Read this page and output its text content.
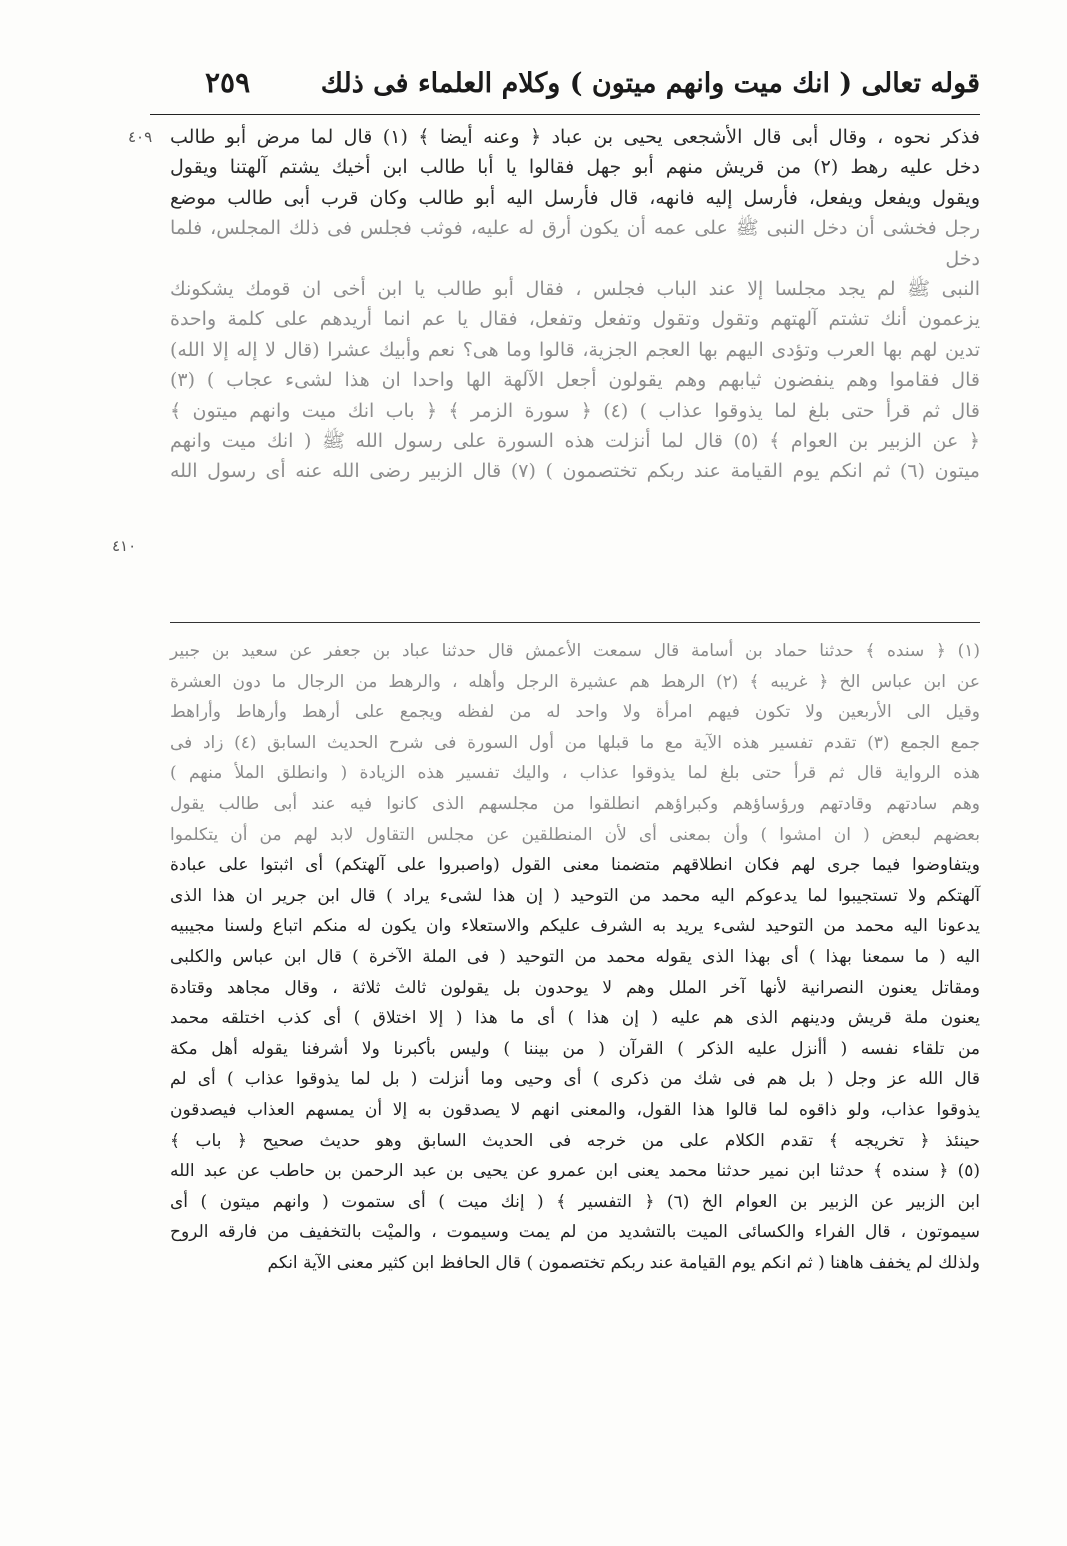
قوله تعالى ( انك ميت وانهم ميتون ) وكلام العلماء فى ذلك
٢٥٩
٤٠٩
٤١٠

فذكر نحوه ، وقال أبى قال الأشجعى يحيى بن عباد ﴿ وعنه أيضا ﴾ (١) قال لما مرض أبو طالب

دخل عليه رهط (٢) من قريش منهم أبو جهل فقالوا يا أبا طالب ابن أخيك يشتم آلهتنا ويقول

ويقول ويفعل ويفعل، فأرسل إليه فانهه، قال فأرسل اليه أبو طالب وكان قرب أبى طالب موضع

رجل فخشى أن دخل النبى ﷺ على عمه أن يكون أرق له عليه، فوثب فجلس فى ذلك المجلس، فلما دخل

النبى ﷺ لم يجد مجلسا إلا عند الباب فجلس ، فقال أبو طالب يا ابن أخى ان قومك يشكونك

يزعمون أنك تشتم آلهتهم وتقول وتقول وتفعل وتفعل، فقال يا عم انما أريدهم على كلمة واحدة

تدين لهم بها العرب وتؤدى اليهم بها العجم الجزية، قالوا وما هى؟ نعم وأبيك عشرا (قال لا إله إلا الله)

قال فقاموا وهم ينفضون ثيابهم وهم يقولون أجعل الآلهة الها واحدا ان هذا لشىء عجاب ) (٣)

قال ثم قرأ حتى بلغ لما يذوقوا عذاب ) (٤) ﴿ سورة الزمر ﴾ ﴿ باب انك ميت وانهم ميتون ﴾

﴿ عن الزبير بن العوام ﴾ (٥) قال لما أنزلت هذه السورة على رسول الله ﷺ ( انك ميت وانهم

ميتون (٦) ثم انكم يوم القيامة عند ربكم تختصمون ) (٧) قال الزبير رضى الله عنه أى رسول الله

(١) ﴿ سنده ﴾ حدثنا حماد بن أسامة قال سمعت الأعمش قال حدثنا عباد بن جعفر عن سعيد بن جبير

عن ابن عباس الخ ﴿ غريبه ﴾ (٢) الرهط هم عشيرة الرجل وأهله ، والرهط من الرجال ما دون العشرة

وقيل الى الأربعين ولا تكون فيهم امرأة ولا واحد له من لفظه ويجمع على أرهط وأرهاط وأراهط

جمع الجمع (٣) تقدم تفسير هذه الآية مع ما قبلها من أول السورة فى شرح الحديث السابق (٤) زاد فى

هذه الرواية قال ثم قرأ حتى بلغ لما يذوقوا عذاب ، واليك تفسير هذه الزيادة ( وانطلق الملأ منهم )

وهم سادتهم وقادتهم ورؤساؤهم وكبراؤهم انطلقوا من مجلسهم الذى كانوا فيه عند أبى طالب يقول

بعضهم لبعض ( ان امشوا ) وأن بمعنى أى لأن المنطلقين عن مجلس التقاول لابد لهم من أن يتكلموا

ويتفاوضوا فيما جرى لهم فكان انطلاقهم متضمنا معنى القول (واصبروا على آلهتكم) أى اثبتوا على عبادة

آلهتكم ولا تستجيبوا لما يدعوكم اليه محمد من التوحيد ( إن هذا لشىء يراد ) قال ابن جرير ان هذا الذى

يدعونا اليه محمد من التوحيد لشىء يريد به الشرف عليكم والاستعلاء وان يكون له منكم اتباع ولسنا مجيبيه

اليه ( ما سمعنا بهذا ) أى بهذا الذى يقوله محمد من التوحيد ( فى الملة الآخرة ) قال ابن عباس والكلبى

ومقاتل يعنون النصرانية لأنها آخر الملل وهم لا يوحدون بل يقولون ثالث ثلاثة ، وقال مجاهد وقتادة

يعنون ملة قريش ودينهم الذى هم عليه ( إن هذا ) أى ما هذا ( إلا اختلاق ) أى كذب اختلقه محمد

من تلقاء نفسه ( أأنزل عليه الذكر ) القرآن ( من بيننا ) وليس بأكبرنا ولا أشرفنا يقوله أهل مكة

قال الله عز وجل ( بل هم فى شك من ذكرى ) أى وحيى وما أنزلت ( بل لما يذوقوا عذاب ) أى لم

يذوقوا عذاب، ولو ذاقوه لما قالوا هذا القول، والمعنى انهم لا يصدقون به إلا أن يمسهم العذاب فيصدقون

حينئذ ﴿ تخريجه ﴾ تقدم الكلام على من خرجه فى الحديث السابق وهو حديث صحيح ﴿ باب ﴾

(٥) ﴿ سنده ﴾ حدثنا ابن نمير حدثنا محمد يعنى ابن عمرو عن يحيى بن عبد الرحمن بن حاطب عن عبد الله

ابن الزبير عن الزبير بن العوام الخ (٦) ﴿ التفسير ﴾ ( إنك ميت ) أى ستموت ( وانهم ميتون ) أى

سيموتون ، قال الفراء والكسائى الميت بالتشديد من لم يمت وسيموت ، والميْت بالتخفيف من فارقه الروح

ولذلك لم يخفف هاهنا ( ثم انكم يوم القيامة عند ربكم تختصمون ) قال الحافظ ابن كثير معنى الآية انكم
